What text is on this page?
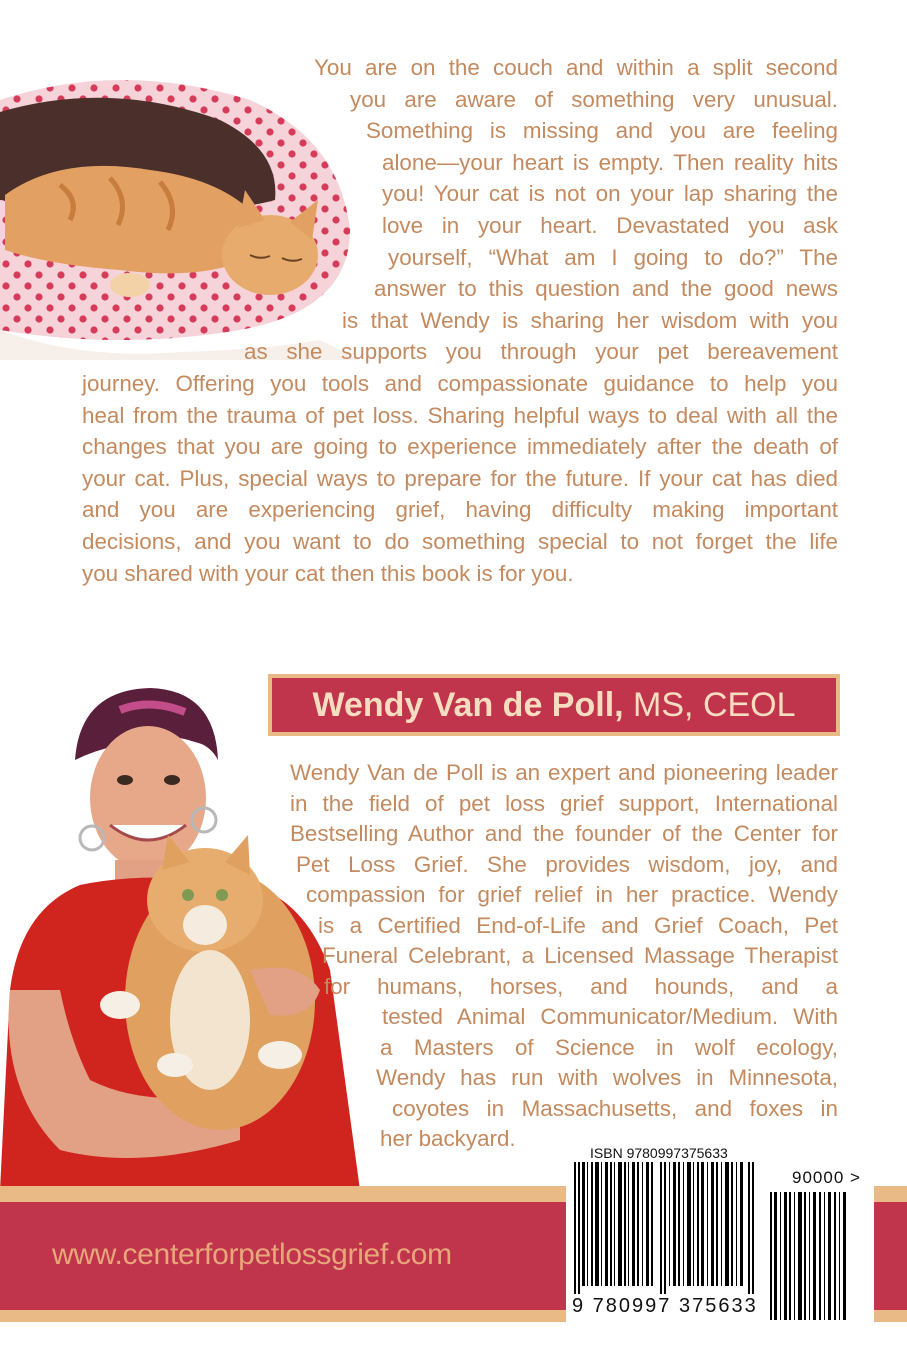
You are on the couch and within a split second
you are aware of something very unusual.
Something is missing and you are feeling
alone—your heart is empty. Then reality hits
you! Your cat is not on your lap sharing the
love in your heart. Devastated you ask
yourself, “What am I going to do?” The
answer to this question and the good news
is that Wendy is sharing her wisdom with you
as she supports you through your pet bereavement
journey. Offering you tools and compassionate guidance to help you
heal from the trauma of pet loss. Sharing helpful ways to deal with all the
changes that you are going to experience immediately after the death of
your cat. Plus, special ways to prepare for the future. If your cat has died
and you are experiencing grief, having difficulty making important
decisions, and you want to do something special to not forget the life
you shared with your cat then this book is for you.
Wendy Van de Poll, MS, CEOL
Wendy Van de Poll is an expert and pioneering leader
in the field of pet loss grief support, International
Bestselling Author and the founder of the Center for
Pet Loss Grief. She provides wisdom, joy, and
compassion for grief relief in her practice. Wendy
is a Certified End-of-Life and Grief Coach, Pet
Funeral Celebrant, a Licensed Massage Therapist
for humans, horses, and hounds, and a
tested Animal Communicator/Medium. With
a Masters of Science in wolf ecology,
Wendy has run with wolves in Minnesota,
coyotes in Massachusetts, and foxes in
her backyard.
www.centerforpetlossgrief.com
ISBN 9780997375633
90000 >
9 780997 375633
